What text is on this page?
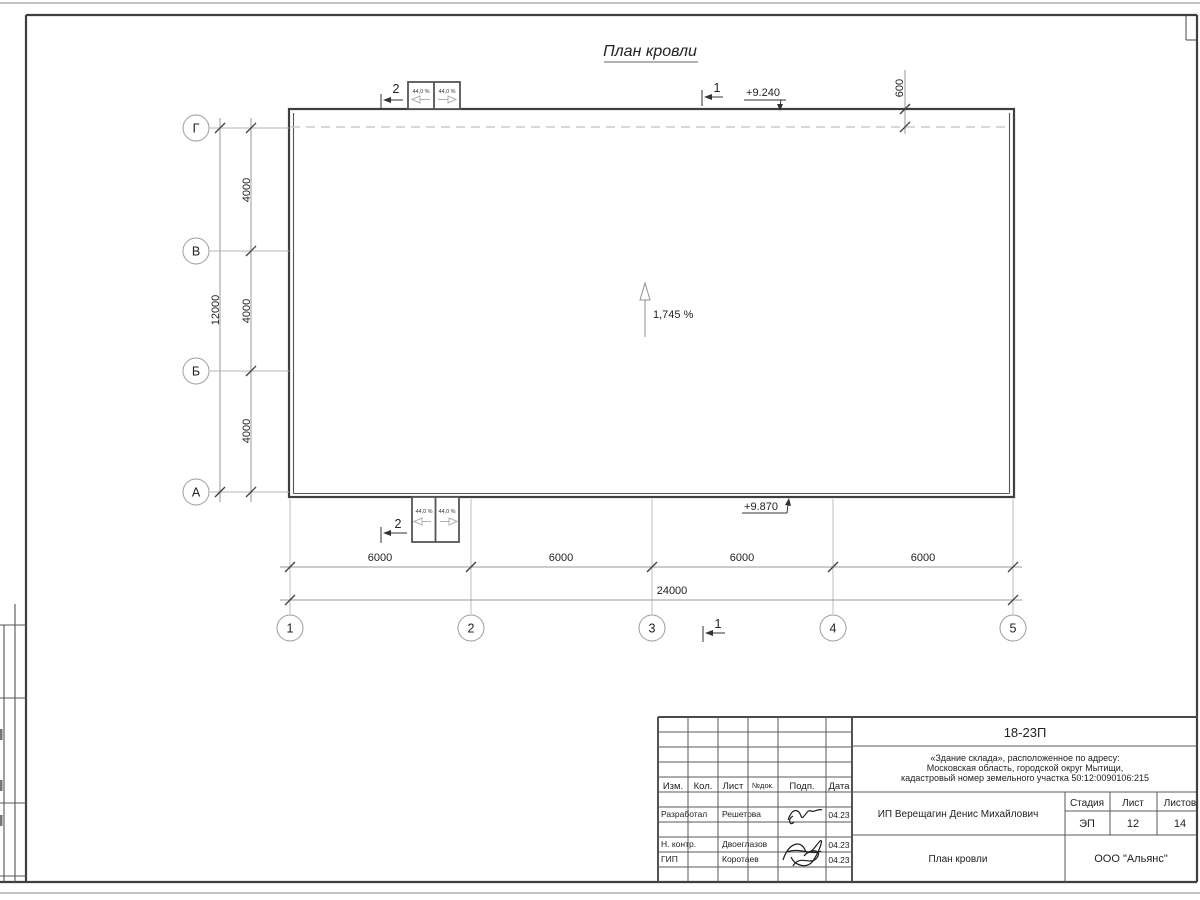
План кровли
4000
4000
4000
12000
6000	6000	6000	6000
24000
600
Г
В
Б
А
1	2	3	4	5
44,0 % 44,0 %
44,0 % 44,0 %
1,745 %
2	1
2
1
+9.240
+9.870
18-23П
«Здание склада», расположенное по адресу:
Московская область, городской округ Мытищи,
кадастровый номер земельного участка 50:12:0090106:215
ИП Верещагин Денис Михайлович
Стадия Лист Листов
ЭП	12	14
План кровли	ООО "Альянс"
Изм. Кол. Лист №док. Подп. Дата
Разработал Решетова	04.23
Н. контр.	Двоеглазов	04.23
ГИП	Коротаев	04.23
